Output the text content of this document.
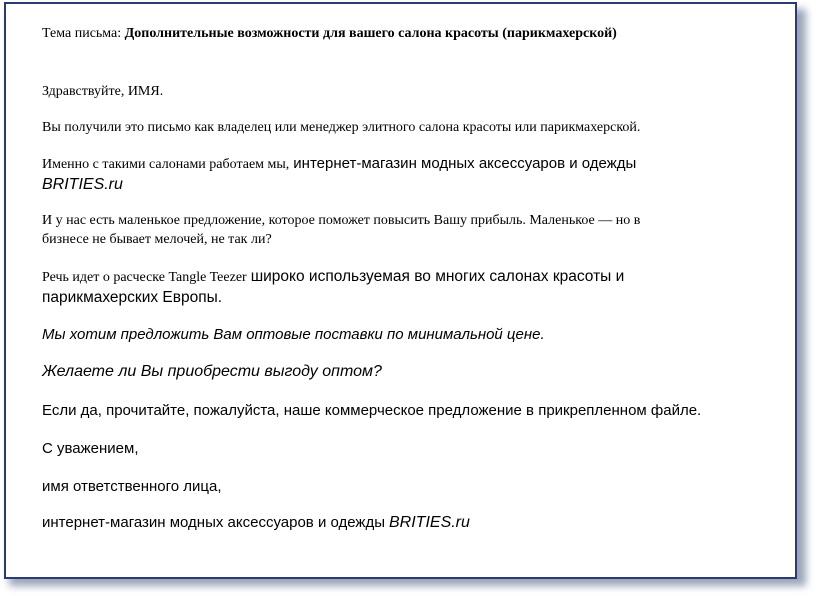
Тема письма: Дополнительные возможности для вашего салона красоты (парикмахерской)

Здравствуйте, ИМЯ.

Вы получили это письмо как владелец или менеджер элитного салона красоты или парикмахерской.

Именно с такими салонами работаем мы, интернет-магазин модных аксессуаров и одежды

BRITIES.ru

И у нас есть маленькое предложение, которое поможет повысить Вашу прибыль. Маленькое — но в

бизнесе не бывает мелочей, не так ли?

Речь идет о расческе Tangle Teezer широко используемая во многих салонах красоты и

парикмахерских Европы.

Мы хотим предложить Вам оптовые поставки по минимальной цене.

Желаете ли Вы приобрести выгоду оптом?

Если да, прочитайте, пожалуйста, наше коммерческое предложение в прикрепленном файле.

С уважением,

имя ответственного лица,

интернет-магазин модных аксессуаров и одежды BRITIES.ru
